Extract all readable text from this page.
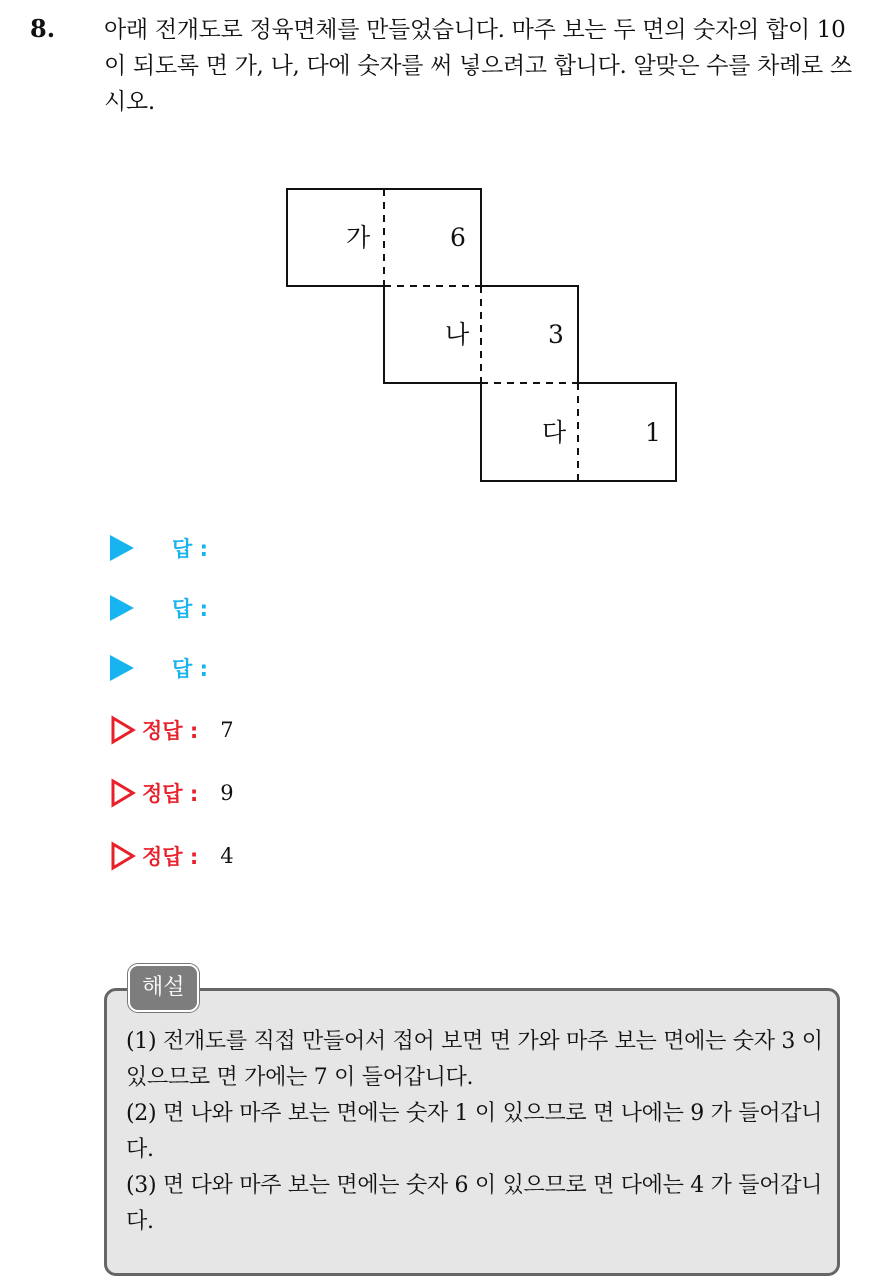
8. 아래 전개도로 정육면체를 만들었습니다. 마주 보는 두 면의 숫자의 합이 10 이 되도록 면 가, 나, 다에 숫자를 써 넣으려고 합니다. 알맞은 수를 차례로 쓰시오.
가	6
나	3
다	1
답 :
답 :
답 :
정답 : 7
정답 : 9
정답 : 4
해설

(1) 전개도를 직접 만들어서 접어 보면 면 가와 마주 보는 면에는 숫자 3 이 있으므로 면 가에는 7 이 들어갑니다.

(2) 면 나와 마주 보는 면에는 숫자 1 이 있으므로 면 나에는 9 가 들어갑니다.

(3) 면 다와 마주 보는 면에는 숫자 6 이 있으므로 면 다에는 4 가 들어갑니다.
